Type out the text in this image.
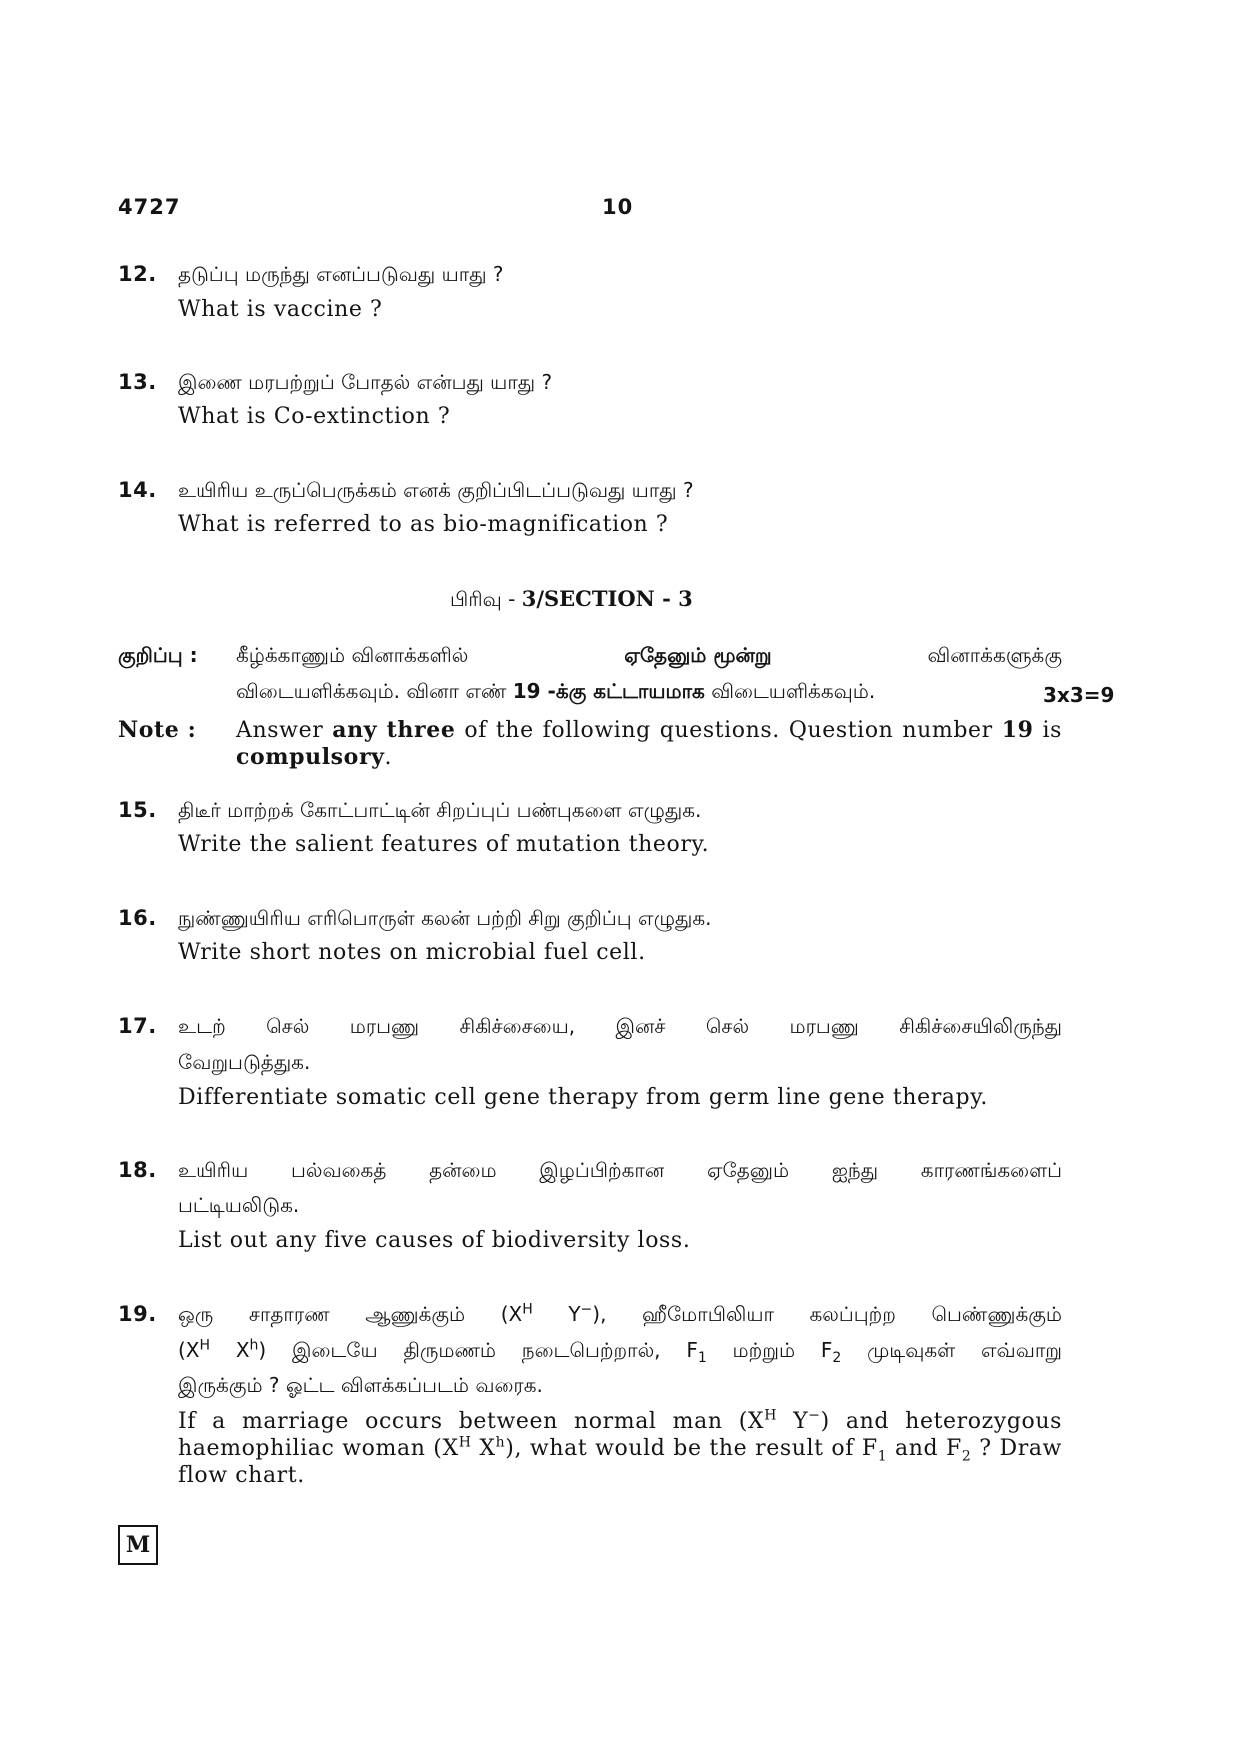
4727	10
12. தடுப்பு மருந்து எனப்படுவது யாது ?
What is vaccine ?
13. இணை மரபற்றுப் போதல் என்பது யாது ?
What is Co-extinction ?
14. உயிரிய உருப்பெருக்கம் எனக் குறிப்பிடப்படுவது யாது ?
What is referred to as bio-magnification ?
பிரிவு - 3/SECTION - 3
குறிப்பு : கீழ்க்காணும் வினாக்களில்	ஏதேனும் மூன்று	வினாக்களுக்கு
விடையளிக்கவும். வினா எண் 19 -க்கு கட்டாயமாக விடையளிக்கவும்.	3x3=9
Note : Answer any three of the following questions. Question number 19 is
compulsory.
15. திடீர் மாற்றக் கோட்பாட்டின் சிறப்புப் பண்புகளை எழுதுக.
Write the salient features of mutation theory.
16. நுண்ணுயிரிய எரிபொருள் கலன் பற்றி சிறு குறிப்பு எழுதுக.
Write short notes on microbial fuel cell.
17. உடற் செல் மரபணு சிகிச்சையை, இனச் செல் மரபணு சிகிச்சையிலிருந்து
வேறுபடுத்துக.
Differentiate somatic cell gene therapy from germ line gene therapy.
18. உயிரிய பல்வகைத் தன்மை இழப்பிற்கான ஏதேனும் ஐந்து காரணங்களைப்
பட்டியலிடுக.
List out any five causes of biodiversity loss.
19. ஒரு சாதாரண ஆணுக்கும் ($X^H$ Y−), ஹீமோபிலியா கலப்புற்ற பெண்ணுக்கும்
($X^H$ $X^h$) இடையே திருமணம் நடைபெற்றால், $F_1$ மற்றும் $F_2$ முடிவுகள் எவ்வாறு
இருக்கும் ? ஓட்ட விளக்கப்படம் வரைக.
If a marriage occurs between normal man ($X^H$ Y−) and heterozygous
haemophiliac woman ($X^H$ $X^h$), what would be the result of $F_1$ and $F_2$ ? Draw
flow chart.
M
